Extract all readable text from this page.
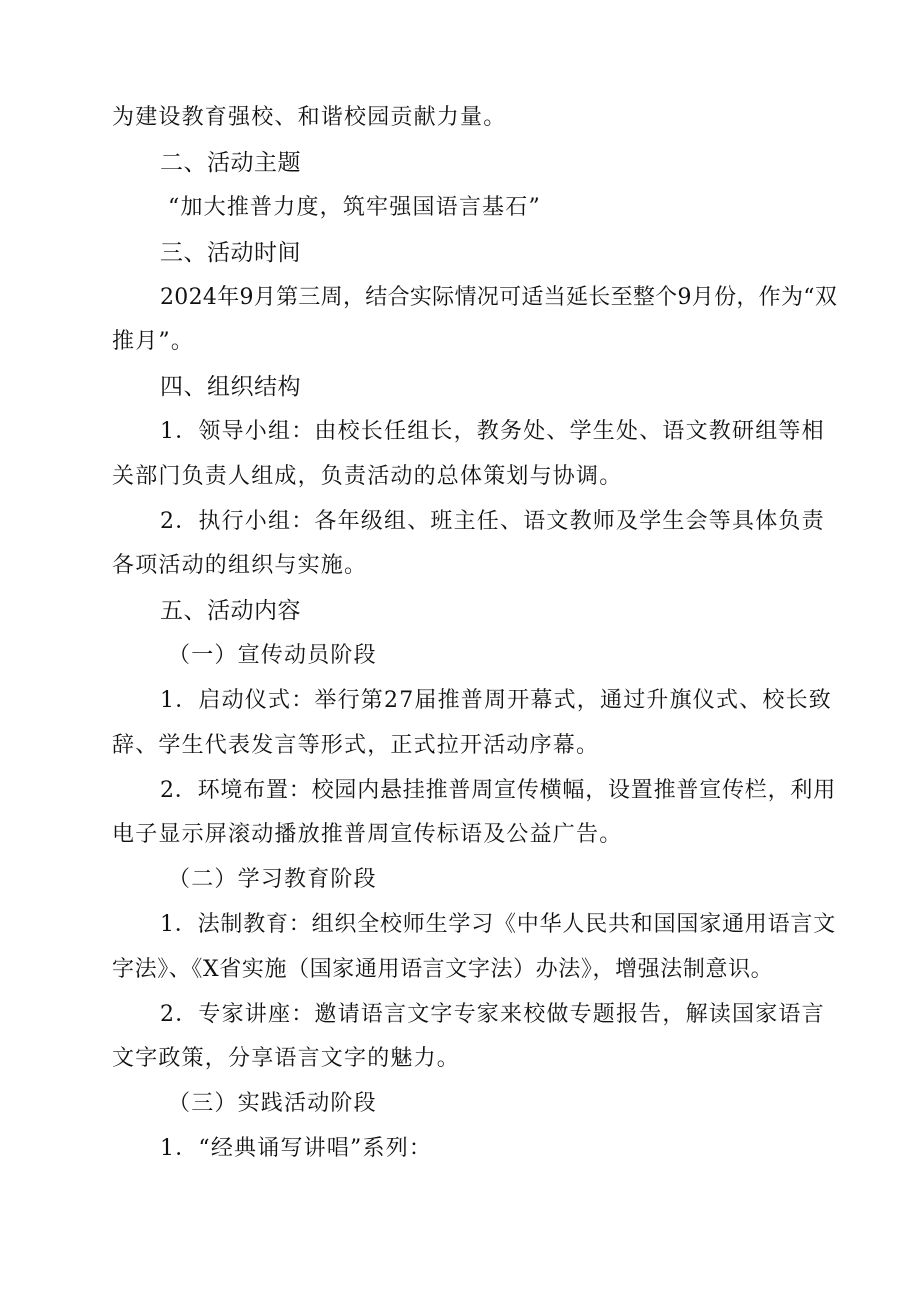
为建设教育强校、和谐校园贡献力量。
二、活动主题
“加大推普力度，筑牢强国语言基石”
三、活动时间
2024年9月第三周，结合实际情况可适当延长至整个9月份，作为“双
推月”。
四、组织结构
1．领导小组：由校长任组长，教务处、学生处、语文教研组等相
关部门负责人组成，负责活动的总体策划与协调。
2．执行小组：各年级组、班主任、语文教师及学生会等具体负责
各项活动的组织与实施。
五、活动内容
（一）宣传动员阶段
1．启动仪式：举行第27届推普周开幕式，通过升旗仪式、校长致
辞、学生代表发言等形式，正式拉开活动序幕。
2．环境布置：校园内悬挂推普周宣传横幅，设置推普宣传栏，利用
电子显示屏滚动播放推普周宣传标语及公益广告。
（二）学习教育阶段
1．法制教育：组织全校师生学习《中华人民共和国国家通用语言文
字法》、《X省实施（国家通用语言文字法）办法》，增强法制意识。
2．专家讲座：邀请语言文字专家来校做专题报告，解读国家语言
文字政策，分享语言文字的魅力。
（三）实践活动阶段
1．“经典诵写讲唱”系列：
